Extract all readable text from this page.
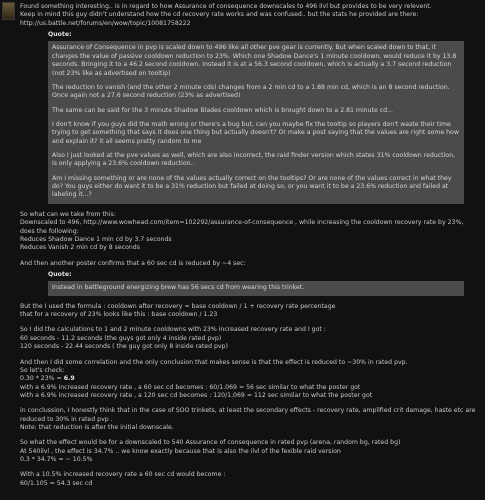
Found something interesting.. is in regard to how Assurance of consequence downscales to 496 ilvl but provides to be very relevent.

Keep in mind this guy didn't understand how the cd recovery rate works and was confused.. but the stats he provided are there:

http://us.battle.net/forums/en/wow/topic/10081758222

Quote:

Assurance of Consequence in pvp is scaled down to 496 like all other pve gear is currently. But when scaled down to that, it changes the value of passive cooldown reduction to 23%. Which one Shadow Dance's 1 minute cooldown, would reduce it by 13.8 seconds. Bringing it to a 46.2 second cooldown. Instead it is at a 56.3 second cooldown, which is actually a 3.7 second reduction (not 23% like as advertised on tooltip)

The reduction to vanish (and the other 2 minute cds) changes from a 2 min cd to a 1.88 min cd, which is an 8 second reduction. Once again not a 27.6 second reduction (23% as advertised)

The same can be said for the 3 minute Shadow Blades cooldown which is brought down to a 2.81 minute cd...

I don't know if you guys did the math wrong or there's a bug but, can you maybe fix the tooltip so players don't waste their time trying to get something that says it does one thing but actually doesn't? Or make a post saying that the values are right some how and explain it? it all seems pretty random to me

Also I just looked at the pve values as well, which are also incorrect, the raid finder version which states 31% cooldown reduction, is only applying a 23.6% cooldown reduction..

Am I missing something or are none of the values actually correct on the tooltips? Or are none of the values correct in what they do? You guys either do want it to be a 31% reduction but failed at doing so, or you want it to be a 23.6% reduction and failed at labeling it...?

So what can we take from this:

Downscaled to 496, http://www.wowhead.com/item=102292/assurance-of-consequence , while increasing the cooldown recovery rate by 23%, does the following:

Reduces Shadow Dance 1 min cd by 3.7 seconds

Reduces Vanish 2 min cd by 8 seconds

And then another poster confirms that a 60 sec cd is reduced by ~4 sec:

Quote:

Instead in battleground energizing brew has 56 secs cd from wearing this trinket.

But the I used the formula : cooldown after recovery = base cooldown / 1 + recovery rate percentage

that for a recovery of 23% looks like this : base cooldown / 1.23

So I did the calculations to 1 and 2 minute cooldowns with 23% increased recovery rate and I got :

60 seconds - 11.2 seconds (the guys got only 4 inside rated pvp)

120 seconds - 22.44 seconds ( the guy got only 8 inside rated pvp)

And then I did some correlation and the only conclusion that makes sense is that the effect is reduced to ~30% in rated pvp.

So let's check:

0.30 * 23% = 6.9

with a 6.9% increased recovery rate , a 60 sec cd becomes : 60/1.069 = 56 sec similar to what the poster got

with a 6.9% increased recovery rate , a 120 sec cd becomes : 120/1.069 = 112 sec similar to what the poster got

in conclussion, I honestly think that in the case of SOO trinkets, at least the secondary effects - recovery rate, amplified crit damage, haste etc are reduced to 30% in rated pvp .

Note: that reduction is after the initial downscale.

So what the effect would be for a downscaled to 540 Assurance of consequence in rated pvp (arena, random bg, rated bg)

At 540ilvl , the effect is 34.7% .. we know exactly because that is also the ilvl of the fexible raid version

0.3 * 34.7% = ~ 10.5%

With a 10.5% increased recovery rate a 60 sec cd would become :

60/1.105 = 54.3 sec cd
